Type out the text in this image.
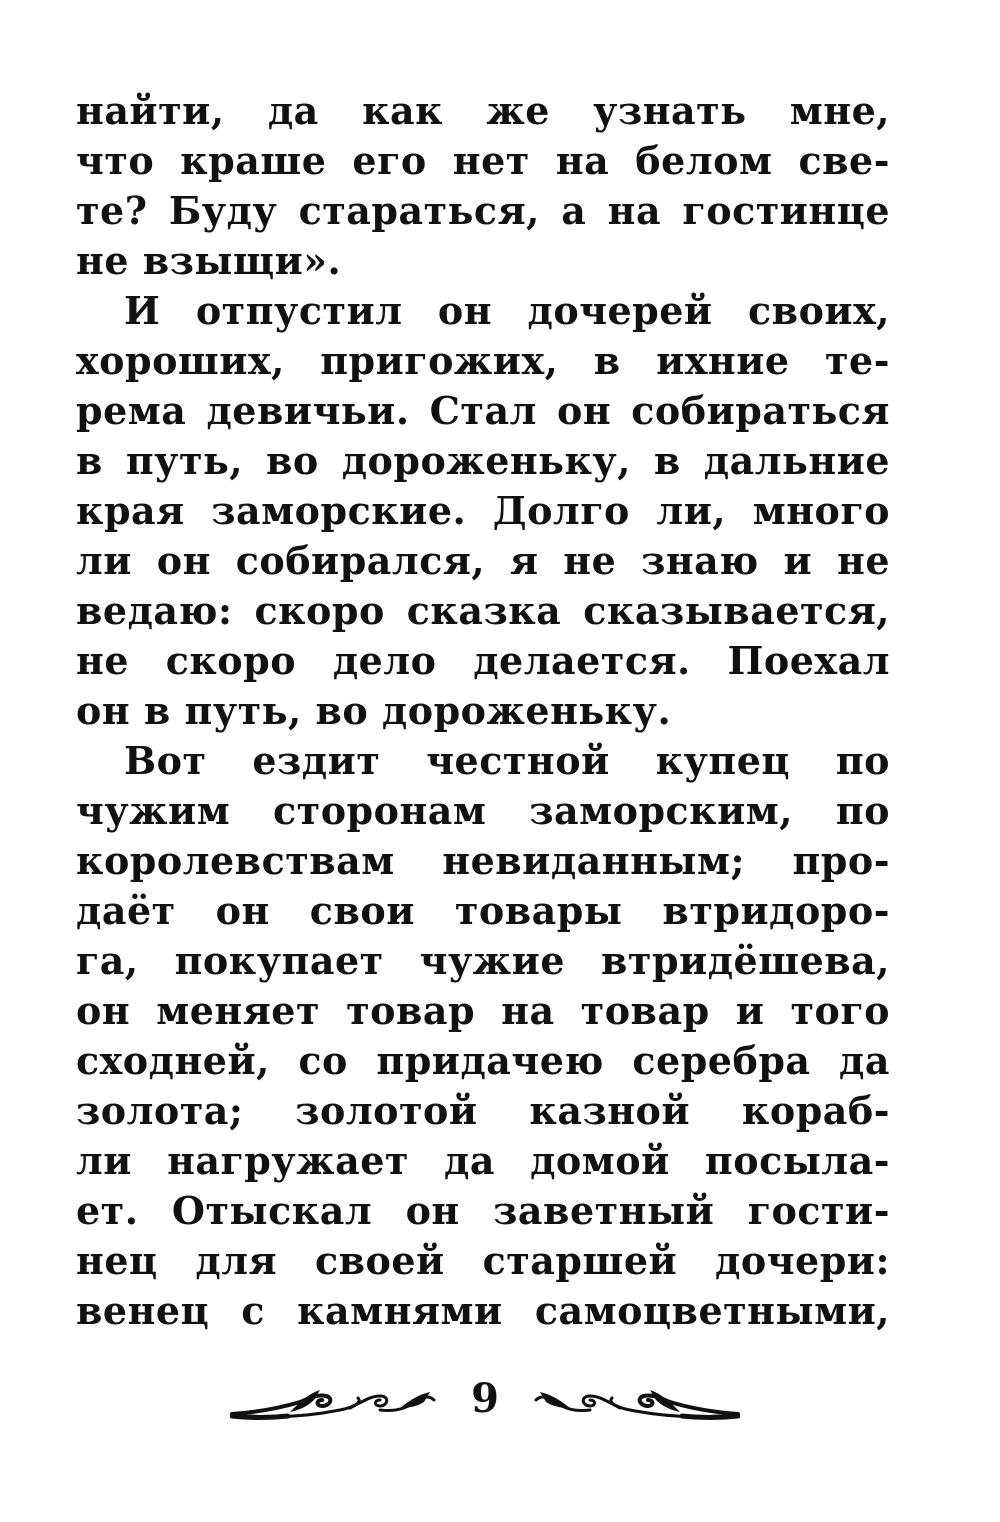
найти, да как же узнать мне,
что краше его нет на белом све-
те? Буду стараться, а на гостинце
не взыщи».
И отпустил он дочерей своих,
хороших, пригожих, в ихние те-
рема девичьи. Стал он собираться
в путь, во дороженьку, в дальние
края заморские. Долго ли, много
ли он собирался, я не знаю и не
ведаю: скоро сказка сказывается,
не скоро дело делается. Поехал
он в путь, во дороженьку.
Вот ездит честной купец по
чужим сторонам заморским, по
королевствам невиданным; про-
даёт он свои товары втридоро-
га, покупает чужие втридёшева,
он меняет товар на товар и того
сходней, со придачею серебра да
золота; золотой казной кораб-
ли нагружает да домой посыла-
ет. Отыскал он заветный гости-
нец для своей старшей дочери:
венец с камнями самоцветными,
9
